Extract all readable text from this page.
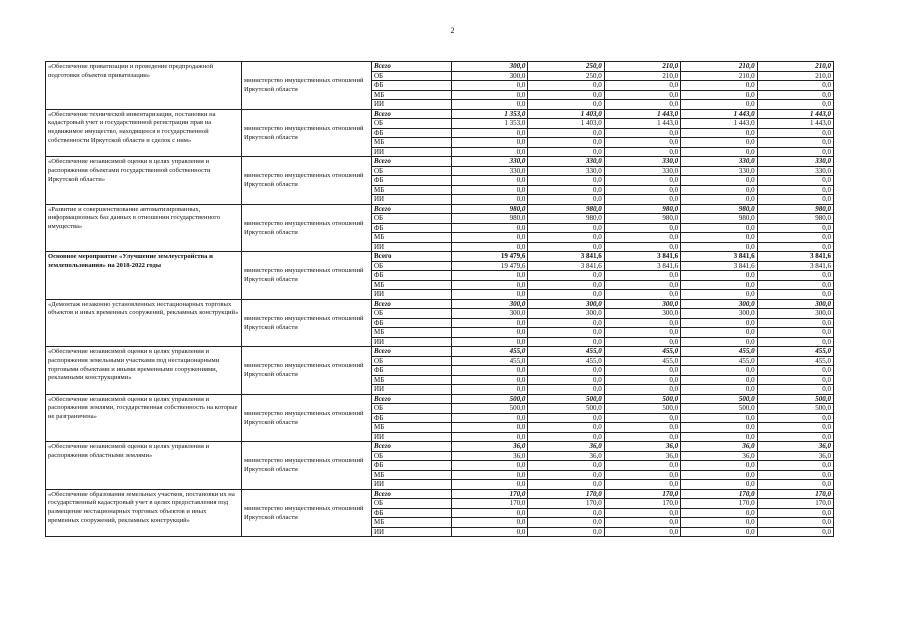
2
«Обеспечение приватизации и проведение предпродажной подготовки объектов приватизации»	министерство имущественных отношений Иркутской области	Всего	300,0	250,0	210,0	210,0	210,0
		ОБ	300,0	250,0	210,0	210,0	210,0
		ФБ	0,0	0,0	0,0	0,0	0,0
		МБ	0,0	0,0	0,0	0,0	0,0
		ИИ	0,0	0,0	0,0	0,0	0,0
«Обеспечение технической инвентаризации, постановки на кадастровый учет и государственной регистрации прав на недвижимое имущество, находящееся в государственной собственности Иркутской области и сделок с ним»	министерство имущественных отношений Иркутской области	Всего	1 353,0	1 403,0	1 443,0	1 443,0	1 443,0
		ОБ	1 353,0	1 403,0	1 443,0	1 443,0	1 443,0
		ФБ	0,0	0,0	0,0	0,0	0,0
		МБ	0,0	0,0	0,0	0,0	0,0
		ИИ	0,0	0,0	0,0	0,0	0,0
«Обеспечение независимой оценки в целях управления и распоряжения объектами государственной собственности Иркутской области»	министерство имущественных отношений Иркутской области	Всего	330,0	330,0	330,0	330,0	330,0
		ОБ	330,0	330,0	330,0	330,0	330,0
		ФБ	0,0	0,0	0,0	0,0	0,0
		МБ	0,0	0,0	0,0	0,0	0,0
		ИИ	0,0	0,0	0,0	0,0	0,0
«Развитие и совершенствование автоматизированных, информационных баз данных в отношении государственного имущества»	министерство имущественных отношений Иркутской области	Всего	980,0	980,0	980,0	980,0	980,0
		ОБ	980,0	980,0	980,0	980,0	980,0
		ФБ	0,0	0,0	0,0	0,0	0,0
		МБ	0,0	0,0	0,0	0,0	0,0
		ИИ	0,0	0,0	0,0	0,0	0,0
Основное мероприятие «Улучшение землеустройства и землепользования» на 2018-2022 годы	министерство имущественных отношений Иркутской области	Всего	19 479,6	3 841,6	3 841,6	3 841,6	3 841,6
		ОБ	19 479,6	3 841,6	3 841,6	3 841,6	3 841,6
		ФБ	0,0	0,0	0,0	0,0	0,0
		МБ	0,0	0,0	0,0	0,0	0,0
		ИИ	0,0	0,0	0,0	0,0	0,0
«Демонтаж незаконно установленных нестационарных торговых объектов и иных временных сооружений, рекламных конструкций»	министерство имущественных отношений Иркутской области	Всего	300,0	300,0	300,0	300,0	300,0
		ОБ	300,0	300,0	300,0	300,0	300,0
		ФБ	0,0	0,0	0,0	0,0	0,0
		МБ	0,0	0,0	0,0	0,0	0,0
		ИИ	0,0	0,0	0,0	0,0	0,0
«Обеспечение независимой оценки в целях управления и распоряжения земельными участками под нестационарными торговыми объектами и иными временными сооружениями, рекламными конструкциями»	министерство имущественных отношений Иркутской области	Всего	455,0	455,0	455,0	455,0	455,0
		ОБ	455,0	455,0	455,0	455,0	455,0
		ФБ	0,0	0,0	0,0	0,0	0,0
		МБ	0,0	0,0	0,0	0,0	0,0
		ИИ	0,0	0,0	0,0	0,0	0,0
«Обеспечение независимой оценки в целях управления и распоряжения землями, государственная собственность на которые не разграничена»	министерство имущественных отношений Иркутской области	Всего	500,0	500,0	500,0	500,0	500,0
		ОБ	500,0	500,0	500,0	500,0	500,0
		ФБ	0,0	0,0	0,0	0,0	0,0
		МБ	0,0	0,0	0,0	0,0	0,0
		ИИ	0,0	0,0	0,0	0,0	0,0
«Обеспечение независимой оценки в целях управления и распоряжения областными землями»	министерство имущественных отношений Иркутской области	Всего	36,0	36,0	36,0	36,0	36,0
		ОБ	36,0	36,0	36,0	36,0	36,0
		ФБ	0,0	0,0	0,0	0,0	0,0
		МБ	0,0	0,0	0,0	0,0	0,0
		ИИ	0,0	0,0	0,0	0,0	0,0
«Обеспечение образования земельных участков, постановки их на государственный кадастровый учет в целях предоставления под размещение нестационарных торговых объектов и иных временных сооружений, рекламных конструкций»	министерство имущественных отношений Иркутской области	Всего	170,0	170,0	170,0	170,0	170,0
		ОБ	170,0	170,0	170,0	170,0	170,0
		ФБ	0,0	0,0	0,0	0,0	0,0
		МБ	0,0	0,0	0,0	0,0	0,0
		ИИ	0,0	0,0	0,0	0,0	0,0
